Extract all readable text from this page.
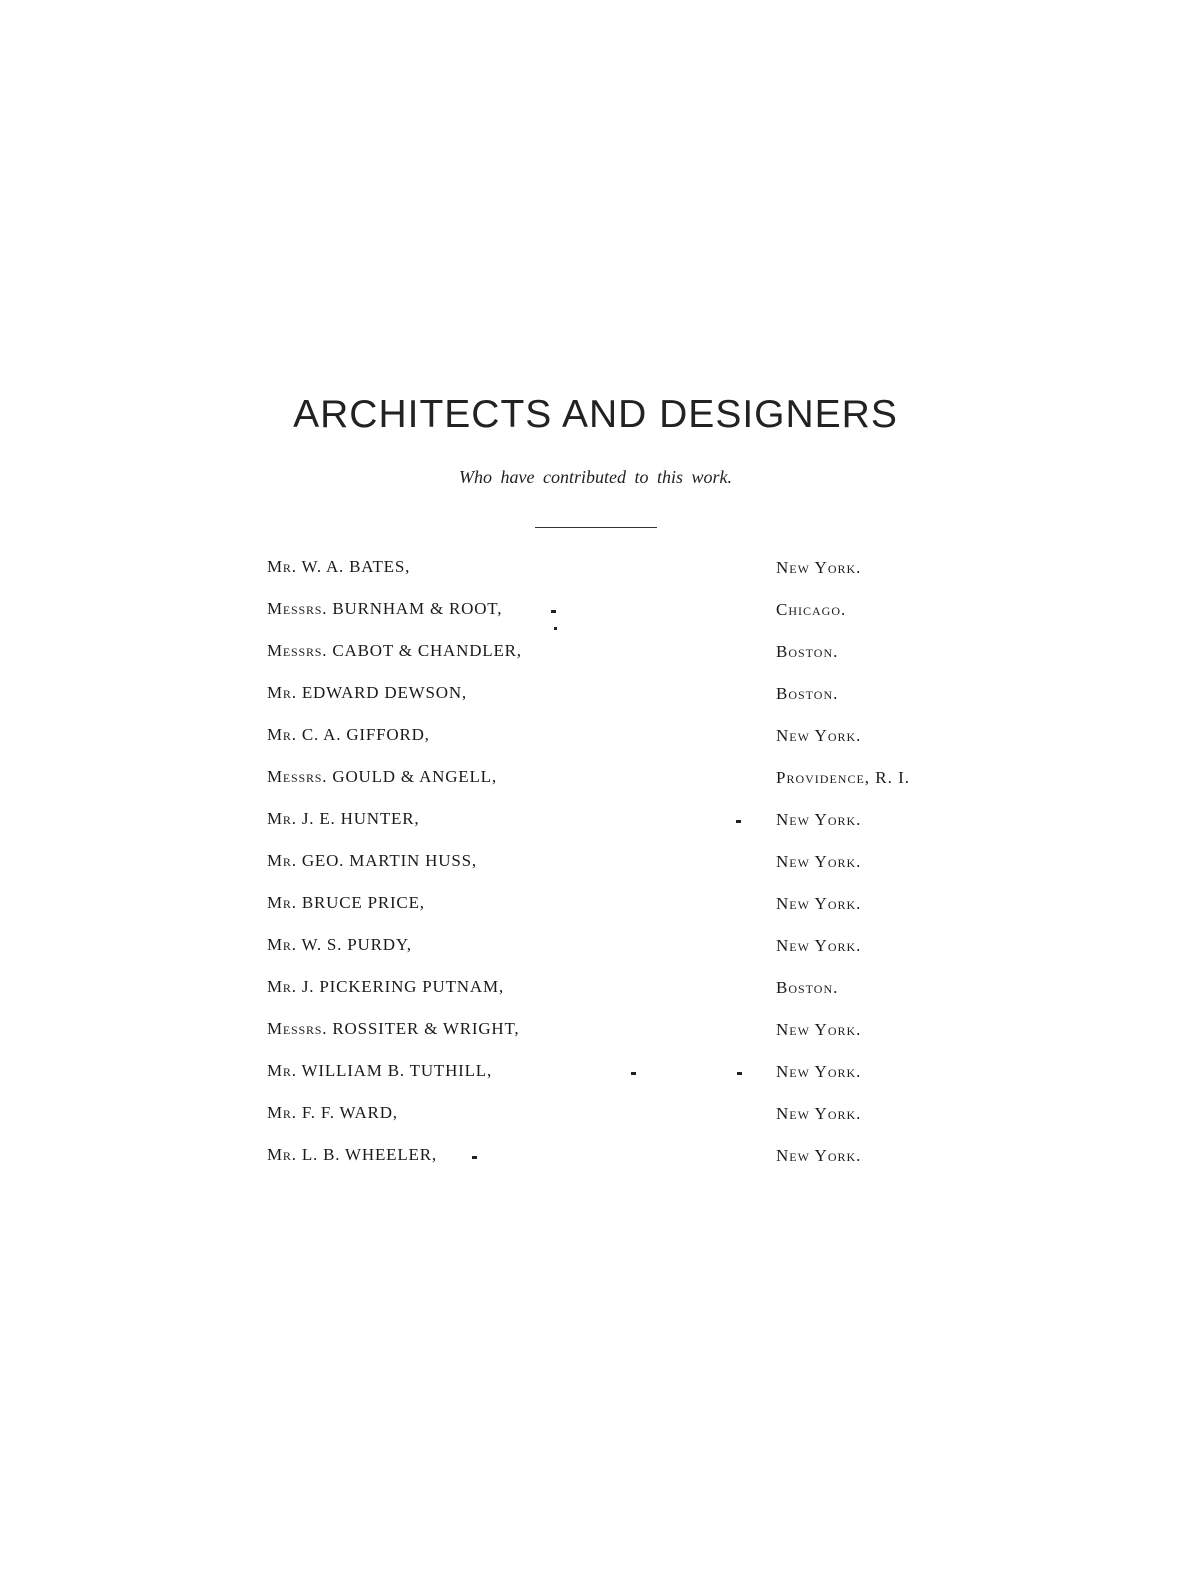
ARCHITECTS AND DESIGNERS
Who have contributed to this work.
Mr. W. A. BATES,	New York.
Messrs. BURNHAM & ROOT,	Chicago.
Messrs. CABOT & CHANDLER,	Boston.
Mr. EDWARD DEWSON,	Boston.
Mr. C. A. GIFFORD,	New York.
Messrs. GOULD & ANGELL,	Providence, R. I.
Mr. J. E. HUNTER,	New York.
Mr. GEO. MARTIN HUSS,	New York.
Mr. BRUCE PRICE,	New York.
Mr. W. S. PURDY,	New York.
Mr. J. PICKERING PUTNAM,	Boston.
Messrs. ROSSITER & WRIGHT,	New York.
Mr. WILLIAM B. TUTHILL,	New York.
Mr. F. F. WARD,	New York.
Mr. L. B. WHEELER,	New York.
